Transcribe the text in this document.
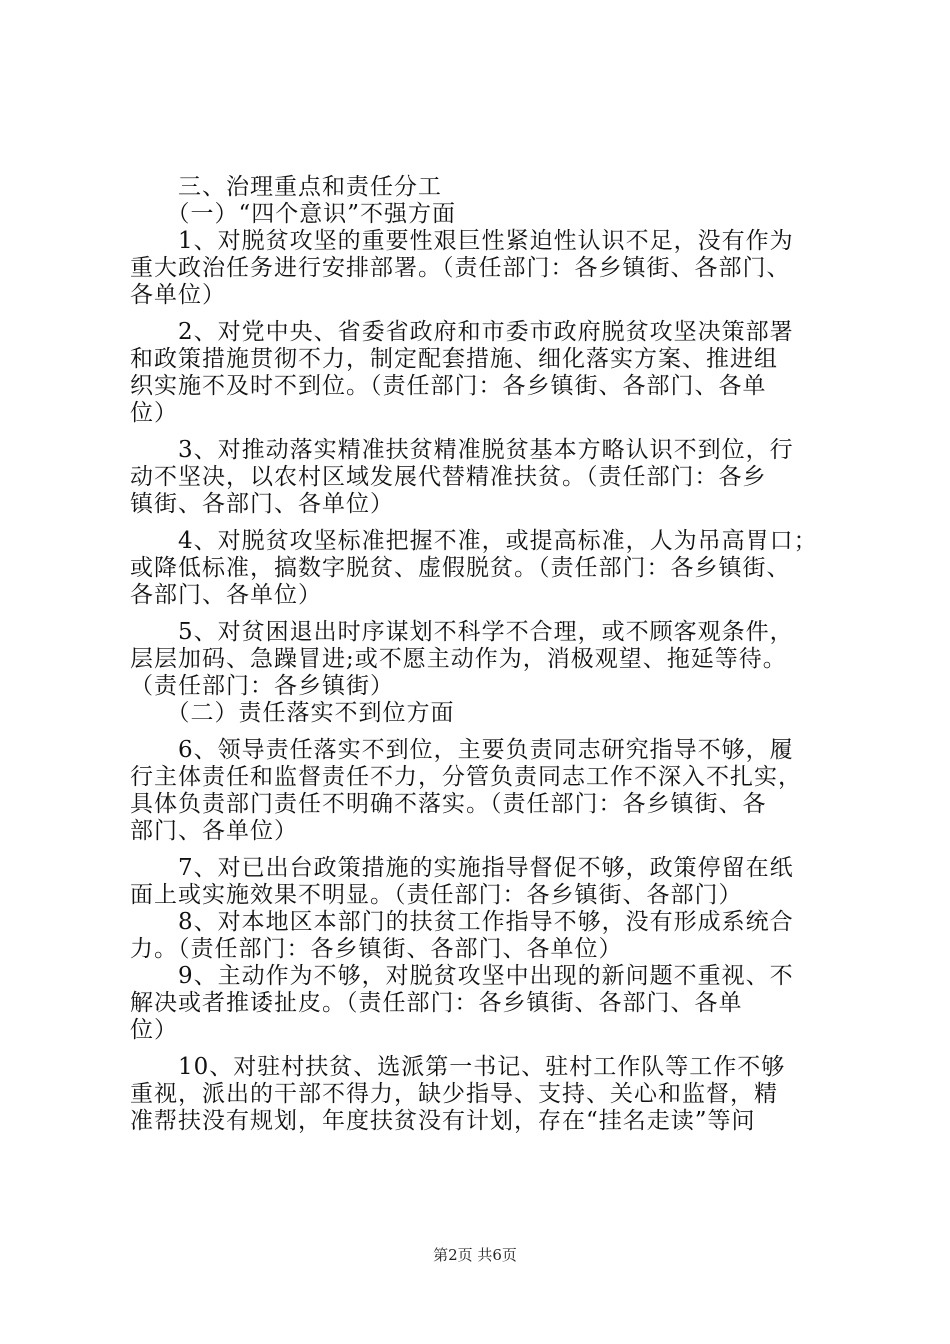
　　三、治理重点和责任分工
　　（一）“四个意识”不强方面
　　1、对脱贫攻坚的重要性艰巨性紧迫性认识不足，没有作为
重大政治任务进行安排部署。（责任部门：各乡镇街、各部门、
各单位）
　　2、对党中央、省委省政府和市委市政府脱贫攻坚决策部署
和政策措施贯彻不力，制定配套措施、细化落实方案、推进组
织实施不及时不到位。（责任部门：各乡镇街、各部门、各单
位）
　　3、对推动落实精准扶贫精准脱贫基本方略认识不到位，行
动不坚决，以农村区域发展代替精准扶贫。（责任部门：各乡
镇街、各部门、各单位）
　　4、对脱贫攻坚标准把握不准，或提高标准，人为吊高胃口；
或降低标准，搞数字脱贫、虚假脱贫。（责任部门：各乡镇街、
各部门、各单位）
　　5、对贫困退出时序谋划不科学不合理，或不顾客观条件，
层层加码、急躁冒进;或不愿主动作为，消极观望、拖延等待。
（责任部门：各乡镇街）
　　（二）责任落实不到位方面
　　6、领导责任落实不到位，主要负责同志研究指导不够，履
行主体责任和监督责任不力，分管负责同志工作不深入不扎实，
具体负责部门责任不明确不落实。（责任部门：各乡镇街、各
部门、各单位）
　　7、对已出台政策措施的实施指导督促不够，政策停留在纸
面上或实施效果不明显。（责任部门：各乡镇街、各部门）
　　8、对本地区本部门的扶贫工作指导不够，没有形成系统合
力。（责任部门：各乡镇街、各部门、各单位）
　　9、主动作为不够，对脱贫攻坚中出现的新问题不重视、不
解决或者推诿扯皮。（责任部门：各乡镇街、各部门、各单
位）
　　10、对驻村扶贫、选派第一书记、驻村工作队等工作不够
重视，派出的干部不得力，缺少指导、支持、关心和监督，精
准帮扶没有规划，年度扶贫没有计划，存在“挂名走读”等问
第2页 共6页
